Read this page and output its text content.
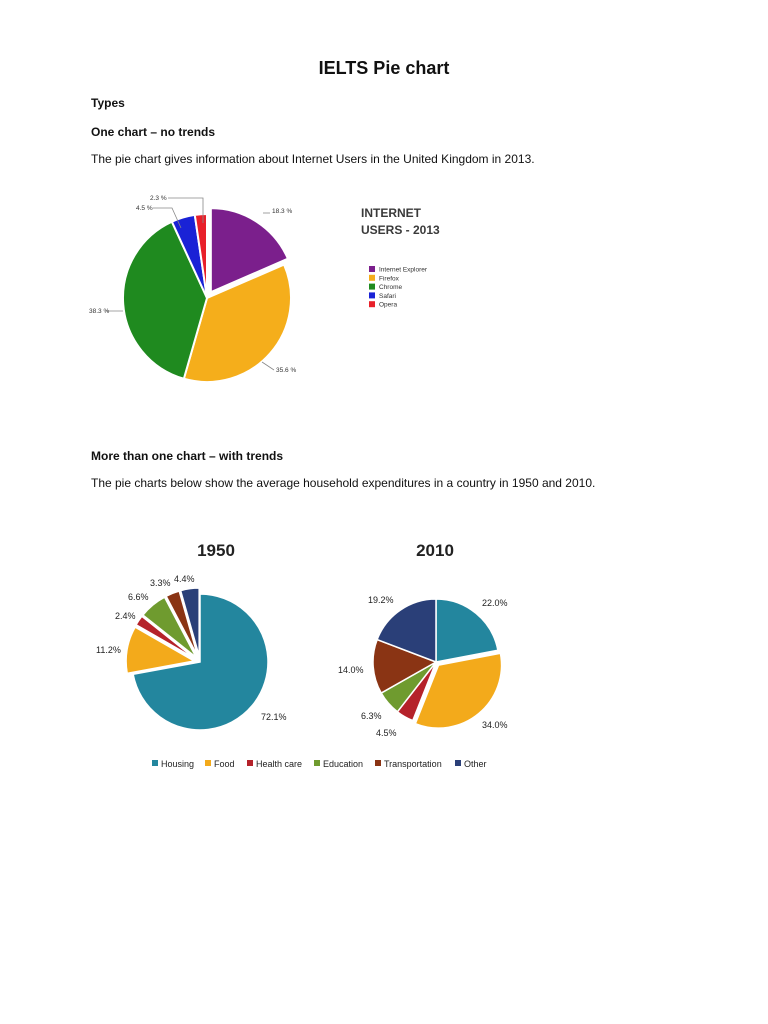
IELTS Pie chart
Types
One chart – no trends
The pie chart gives information about Internet Users in the United Kingdom in 2013.
More than one chart – with trends
The pie charts below show the average household expenditures in a country in 1950 and 2010.
18.3 %
35.6 %
38.3 %
4.5 %
2.3 %
INTERNET
USERS - 2013
Internet Explorer
Firefox
Chrome
Safari
Opera
72.1%
11.2%
2.4%
6.6%
3.3% 4.4%
22.0%
34.0%
4.5%
6.3%
14.0%
19.2%
1950	2010
Housing Food Health care Education Transportation Other
